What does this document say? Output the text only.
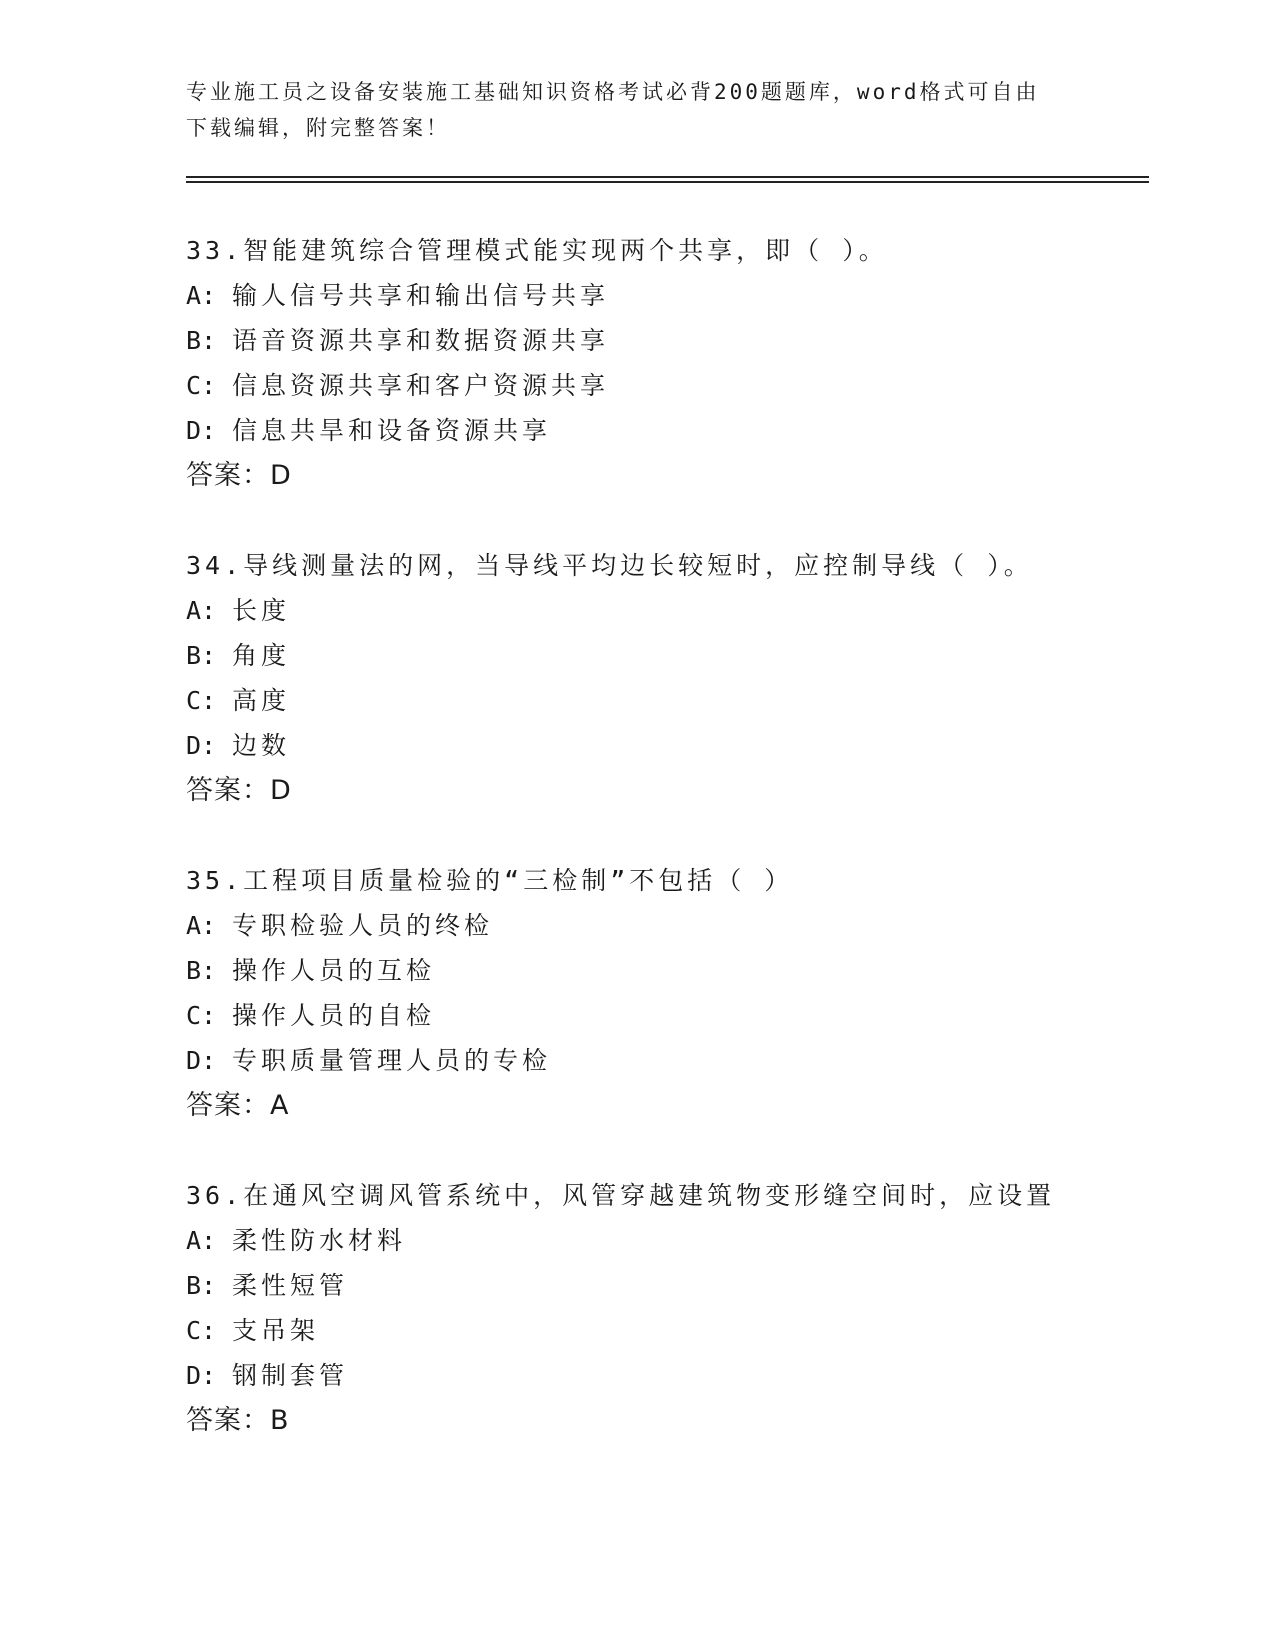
专业施工员之设备安装施工基础知识资格考试必背200题题库，word格式可自由
下载编辑，附完整答案！
33.智能建筑综合管理模式能实现两个共享，即（ ）。
A: 输人信号共享和输出信号共享
B: 语音资源共享和数据资源共享
C: 信息资源共享和客户资源共享
D: 信息共旱和设备资源共享
答案：D
34.导线测量法的网，当导线平均边长较短时，应控制导线（ ）。
A: 长度
B: 角度
C: 高度
D: 边数
答案：D
35.工程项目质量检验的“三检制”不包括（ ）
A: 专职检验人员的终检
B: 操作人员的互检
C: 操作人员的自检
D: 专职质量管理人员的专检
答案：A
36.在通风空调风管系统中，风管穿越建筑物变形缝空间时，应设置
A: 柔性防水材料
B: 柔性短管
C: 支吊架
D: 钢制套管
答案：B
